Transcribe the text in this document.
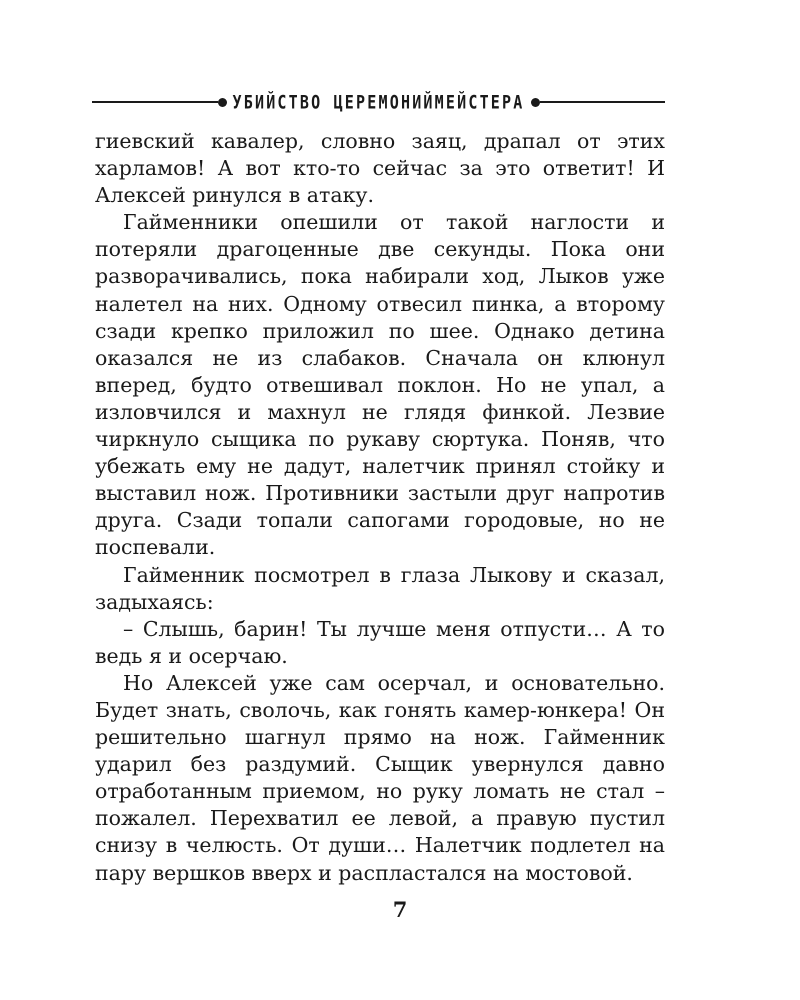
УБИЙСТВО ЦЕРЕМОНИЙМЕЙСТЕРА

гиевский кавалер, словно заяц, драпал от этих харламов! А вот кто-то сейчас за это ответит! И Алексей ринулся в атаку.

Гайменники опешили от такой наглости и потеряли драгоценные две секунды. Пока они разворачивались, пока набирали ход, Лыков уже налетел на них. Одному отвесил пинка, а второму сзади крепко приложил по шее. Однако детина оказался не из слабаков. Сначала он клюнул вперед, будто отвешивал поклон. Но не упал, а изловчился и махнул не глядя финкой. Лезвие чиркнуло сыщика по рукаву сюртука. Поняв, что убежать ему не дадут, налетчик принял стойку и выставил нож. Противники застыли друг напротив друга. Сзади топали сапогами городовые, но не поспевали.

Гайменник посмотрел в глаза Лыкову и сказал, задыхаясь:

– Слышь, барин! Ты лучше меня отпусти… А то ведь я и осерчаю.

Но Алексей уже сам осерчал, и основательно. Будет знать, сволочь, как гонять камер-юнкера! Он решительно шагнул прямо на нож. Гайменник ударил без раздумий. Сыщик увернулся давно отработанным приемом, но руку ломать не стал – пожалел. Перехватил ее левой, а правую пустил снизу в челюсть. От души… Налетчик подлетел на пару вершков вверх и распластался на мостовой.

7
